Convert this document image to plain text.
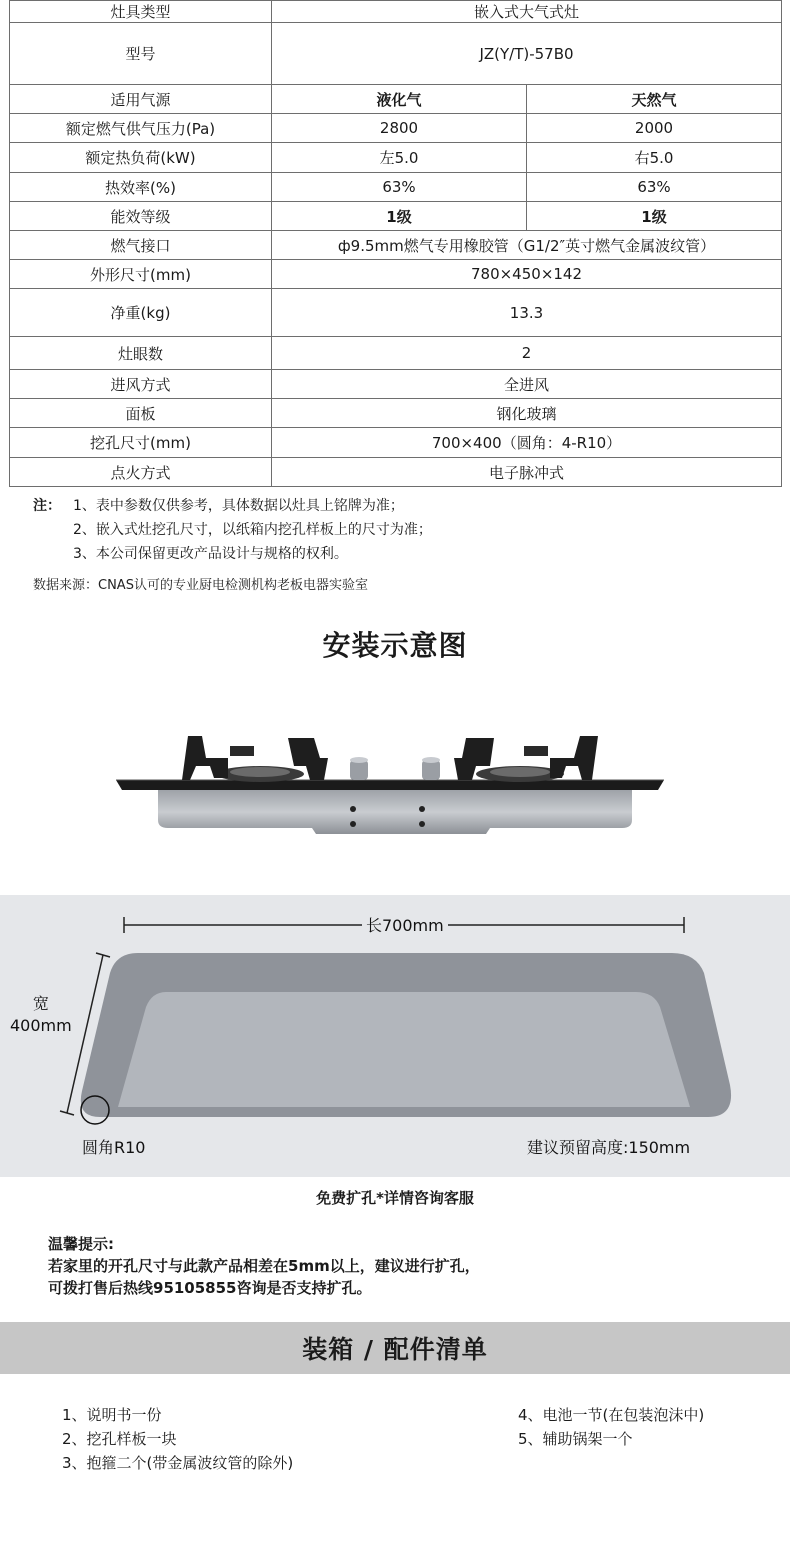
灶具类型	嵌入式大气式灶	
型号	JZ(Y/T)-57B0	
适用气源	液化气	天然气
额定燃气供气压力(Pa)	2800	2000
额定热负荷(kW)	左5.0	右5.0
热效率(%)	63%	63%
能效等级	1级	1级
燃气接口	ф9.5mm燃气专用橡胶管（G1/2″英寸燃气金属波纹管）	
外形尺寸(mm)	780×450×142	
净重(kg)	13.3	
灶眼数	2	
进风方式	全进风	
面板	钢化玻璃	
挖孔尺寸(mm)	700×400（圆角：4-R10）	
点火方式	电子脉冲式	
注： 1、表中参数仅供参考，具体数据以灶具上铭牌为准；
2、嵌入式灶挖孔尺寸，以纸箱内挖孔样板上的尺寸为准；
3、本公司保留更改产品设计与规格的权利。
数据来源：CNAS认可的专业厨电检测机构老板电器实验室
安装示意图
长700mm
宽
400mm
圆角R10	建议预留高度:150mm
免费扩孔*详情咨询客服
温馨提示:
若家里的开孔尺寸与此款产品相差在5mm以上，建议进行扩孔，
可拨打售后热线95105855咨询是否支持扩孔。
装箱 / 配件清单
1、说明书一份
2、挖孔样板一块
3、抱箍二个(带金属波纹管的除外)
4、电池一节(在包装泡沫中)
5、辅助锅架一个
